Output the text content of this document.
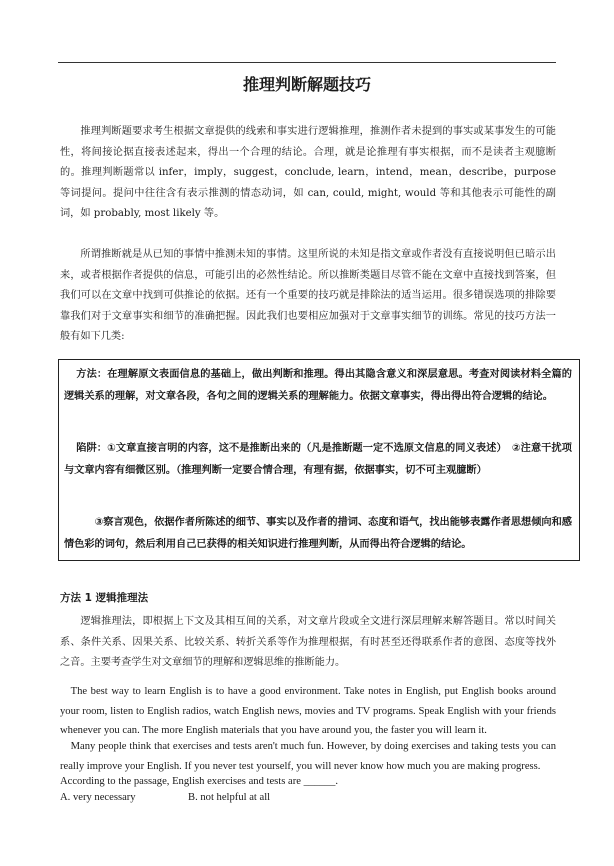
推理判断解题技巧
推理判断题要求考生根据文章提供的线索和事实进行逻辑推理，推测作者未提到的事实或某事发生的可能性，将间接论据直接表述起来，得出一个合理的结论。合理，就是论推理有事实根据，而不是读者主观臆断的。推理判断题常以 infer，imply，suggest，conclude, learn，intend，mean，describe，purpose 等词提问。提问中往往含有表示推测的情态动词，如 can, could, might, would 等和其他表示可能性的副词，如 probably, most likely 等。
所谓推断就是从已知的事情中推测未知的事情。这里所说的未知是指文章或作者没有直接说明但已暗示出来，或者根据作者提供的信息，可能引出的必然性结论。所以推断类题目尽管不能在文章中直接找到答案，但我们可以在文章中找到可供推论的依据。还有一个重要的技巧就是排除法的适当运用。很多错误选项的排除要靠我们对于文章事实和细节的准确把握。因此我们也要相应加强对于文章事实细节的训练。常见的技巧方法一般有如下几类:
方法：在理解原文表面信息的基础上，做出判断和推理。得出其隐含意义和深层意思。考查对阅读材料全篇的逻辑关系的理解，对文章各段，各句之间的逻辑关系的理解能力。依据文章事实，得出得出符合逻辑的结论。
陷阱：①文章直接言明的内容，这不是推断出来的（凡是推断题一定不选原文信息的同义表述）　②注意干扰项与文章内容有细微区别。（推理判断一定要合情合理，有理有据，依据事实，切不可主观臆断）
③察言观色，依据作者所陈述的细节、事实以及作者的措词、态度和语气，找出能够表露作者思想倾向和感情色彩的词句，然后利用自己已获得的相关知识进行推理判断，从而得出符合逻辑的结论。
方法 1 逻辑推理法
逻辑推理法，即根据上下文及其相互间的关系，对文章片段或全文进行深层理解来解答题目。常以时间关系、条件关系、因果关系、比较关系、转折关系等作为推理根据，有时甚至还得联系作者的意图、态度等找外之音。主要考查学生对文章细节的理解和逻辑思维的推断能力。
The best way to learn English is to have a good environment. Take notes in English, put English books around your room, listen to English radios, watch English news, movies and TV programs. Speak English with your friends whenever you can. The more English materials that you have around you, the faster you will learn it.
Many people think that exercises and tests aren't much fun. However, by doing exercises and taking tests you can really improve your English. If you never test yourself, you will never know how much you are making progress.
According to the passage, English exercises and tests are ______.
A. very necessary	B. not helpful at all
